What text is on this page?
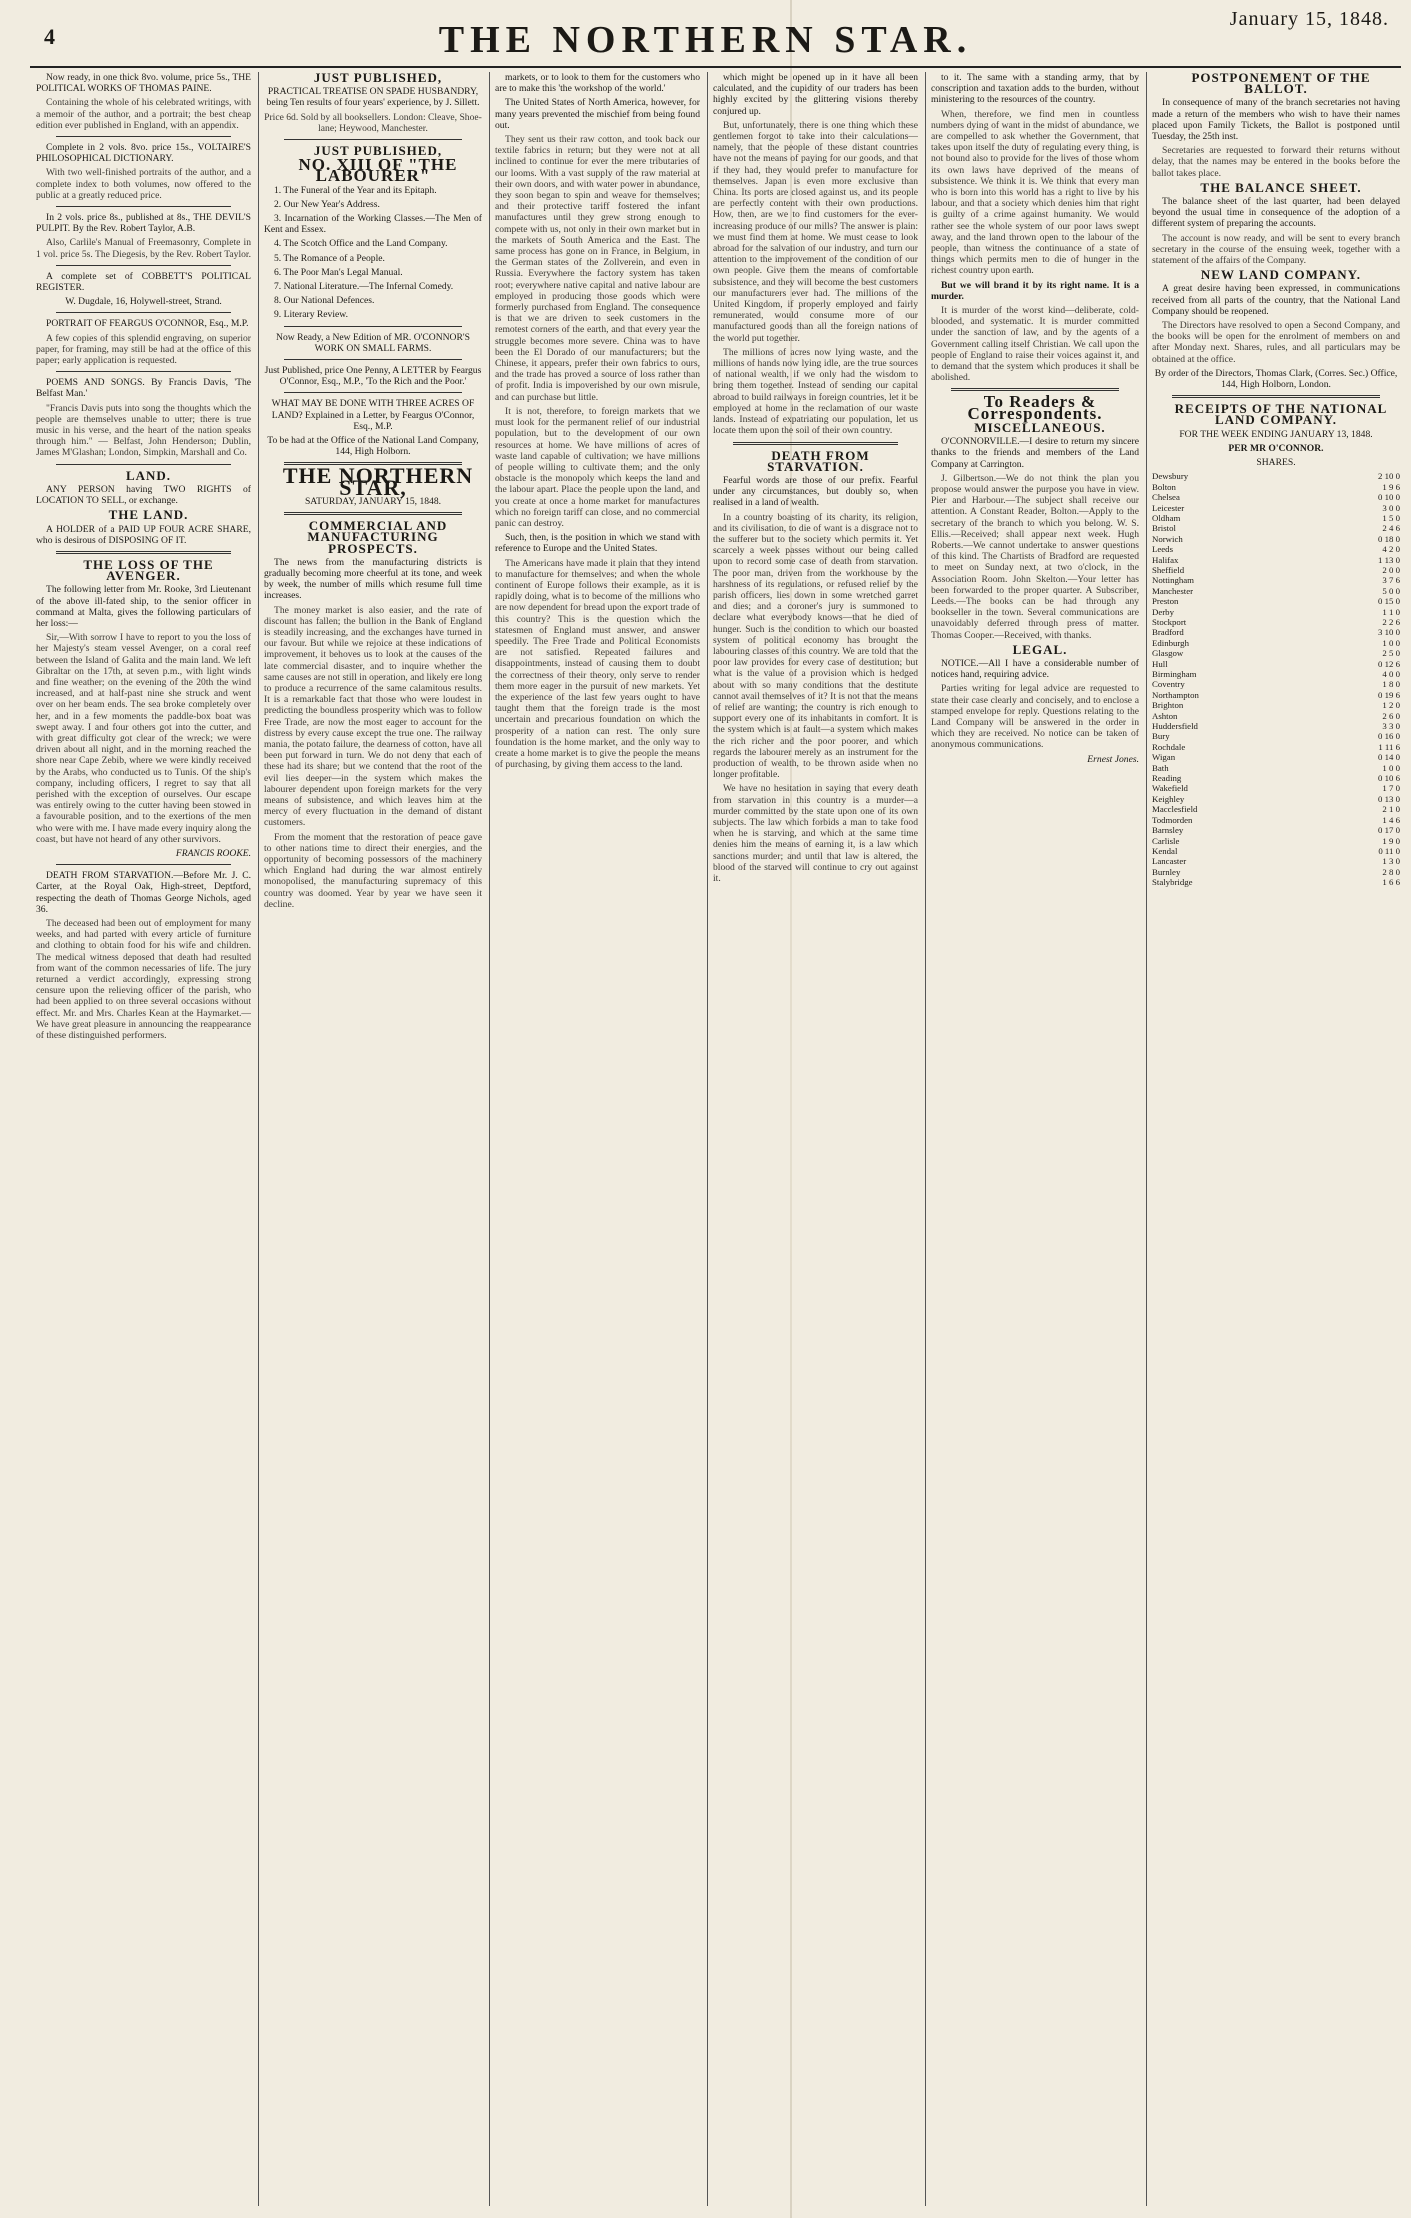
4	THE NORTHERN STAR.	January 15, 1848.

Now ready, in one thick 8vo. volume, price 5s., THE POLITICAL WORKS OF THOMAS PAINE.

Containing the whole of his celebrated writings, with a memoir of the author, and a portrait; the best cheap edition ever published in England, with an appendix.

Complete in 2 vols. 8vo. price 15s., VOLTAIRE'S PHILOSOPHICAL DICTIONARY.

With two well-finished portraits of the author, and a complete index to both volumes, now offered to the public at a greatly reduced price.

In 2 vols. price 8s., published at 8s., THE DEVIL'S PULPIT. By the Rev. Robert Taylor, A.B.

Also, Carlile's Manual of Freemasonry, Complete in 1 vol. price 5s. The Diegesis, by the Rev. Robert Taylor.

A complete set of COBBETT'S POLITICAL REGISTER.

W. Dugdale, 16, Holywell-street, Strand.

PORTRAIT OF FEARGUS O'CONNOR, Esq., M.P.

A few copies of this splendid engraving, on superior paper, for framing, may still be had at the office of this paper; early application is requested.

POEMS AND SONGS. By Francis Davis, 'The Belfast Man.'

"Francis Davis puts into song the thoughts which the people are themselves unable to utter; there is true music in his verse, and the heart of the nation speaks through him." — Belfast, John Henderson; Dublin, James M'Glashan; London, Simpkin, Marshall and Co.

LAND.

ANY PERSON having TWO RIGHTS of LOCATION TO SELL, or exchange.

THE LAND.

A HOLDER of a PAID UP FOUR ACRE SHARE, who is desirous of DISPOSING OF IT.

THE LOSS OF THE AVENGER.

The following letter from Mr. Rooke, 3rd Lieutenant of the above ill-fated ship, to the senior officer in command at Malta, gives the following particulars of her loss:—

Sir,—With sorrow I have to report to you the loss of her Majesty's steam vessel Avenger, on a coral reef between the Island of Galita and the main land. We left Gibraltar on the 17th, at seven p.m., with light winds and fine weather; on the evening of the 20th the wind increased, and at half-past nine she struck and went over on her beam ends. The sea broke completely over her, and in a few moments the paddle-box boat was swept away. I and four others got into the cutter, and with great difficulty got clear of the wreck; we were driven about all night, and in the morning reached the shore near Cape Zebib, where we were kindly received by the Arabs, who conducted us to Tunis. Of the ship's company, including officers, I regret to say that all perished with the exception of ourselves. Our escape was entirely owing to the cutter having been stowed in a favourable position, and to the exertions of the men who were with me. I have made every inquiry along the coast, but have not heard of any other survivors.

FRANCIS ROOKE.

DEATH FROM STARVATION.—Before Mr. J. C. Carter, at the Royal Oak, High-street, Deptford, respecting the death of Thomas George Nichols, aged 36.

The deceased had been out of employment for many weeks, and had parted with every article of furniture and clothing to obtain food for his wife and children. The medical witness deposed that death had resulted from want of the common necessaries of life. The jury returned a verdict accordingly, expressing strong censure upon the relieving officer of the parish, who had been applied to on three several occasions without effect. Mr. and Mrs. Charles Kean at the Haymarket.—We have great pleasure in announcing the reappearance of these distinguished performers.

JUST PUBLISHED,

PRACTICAL TREATISE ON SPADE HUSBANDRY, being Ten results of four years' experience, by J. Sillett.

Price 6d. Sold by all booksellers. London: Cleave, Shoe-lane; Heywood, Manchester.

JUST PUBLISHED,

NO. XIII OF "THE LABOURER"

1. The Funeral of the Year and its Epitaph.

2. Our New Year's Address.

3. Incarnation of the Working Classes.—The Men of Kent and Essex.

4. The Scotch Office and the Land Company.

5. The Romance of a People.

6. The Poor Man's Legal Manual.

7. National Literature.—The Infernal Comedy.

8. Our National Defences.

9. Literary Review.

Now Ready, a New Edition of MR. O'CONNOR'S WORK ON SMALL FARMS.

Just Published, price One Penny, A LETTER by Feargus O'Connor, Esq., M.P., 'To the Rich and the Poor.'

WHAT MAY BE DONE WITH THREE ACRES OF LAND? Explained in a Letter, by Feargus O'Connor, Esq., M.P.

To be had at the Office of the National Land Company, 144, High Holborn.

THE NORTHERN STAR,

SATURDAY, JANUARY 15, 1848.

COMMERCIAL AND MANUFACTURING PROSPECTS.

The news from the manufacturing districts is gradually becoming more cheerful at its tone, and week by week, the number of mills which resume full time increases.

The money market is also easier, and the rate of discount has fallen; the bullion in the Bank of England is steadily increasing, and the exchanges have turned in our favour. But while we rejoice at these indications of improvement, it behoves us to look at the causes of the late commercial disaster, and to inquire whether the same causes are not still in operation, and likely ere long to produce a recurrence of the same calamitous results. It is a remarkable fact that those who were loudest in predicting the boundless prosperity which was to follow Free Trade, are now the most eager to account for the distress by every cause except the true one. The railway mania, the potato failure, the dearness of cotton, have all been put forward in turn. We do not deny that each of these had its share; but we contend that the root of the evil lies deeper—in the system which makes the labourer dependent upon foreign markets for the very means of subsistence, and which leaves him at the mercy of every fluctuation in the demand of distant customers.

From the moment that the restoration of peace gave to other nations time to direct their energies, and the opportunity of becoming possessors of the machinery which England had during the war almost entirely monopolised, the manufacturing supremacy of this country was doomed. Year by year we have seen it decline.

markets, or to look to them for the customers who are to make this 'the workshop of the world.'

The United States of North America, however, for many years prevented the mischief from being found out.

They sent us their raw cotton, and took back our textile fabrics in return; but they were not at all inclined to continue for ever the mere tributaries of our looms. With a vast supply of the raw material at their own doors, and with water power in abundance, they soon began to spin and weave for themselves; and their protective tariff fostered the infant manufactures until they grew strong enough to compete with us, not only in their own market but in the markets of South America and the East. The same process has gone on in France, in Belgium, in the German states of the Zollverein, and even in Russia. Everywhere the factory system has taken root; everywhere native capital and native labour are employed in producing those goods which were formerly purchased from England. The consequence is that we are driven to seek customers in the remotest corners of the earth, and that every year the struggle becomes more severe. China was to have been the El Dorado of our manufacturers; but the Chinese, it appears, prefer their own fabrics to ours, and the trade has proved a source of loss rather than of profit. India is impoverished by our own misrule, and can purchase but little.

It is not, therefore, to foreign markets that we must look for the permanent relief of our industrial population, but to the development of our own resources at home. We have millions of acres of waste land capable of cultivation; we have millions of people willing to cultivate them; and the only obstacle is the monopoly which keeps the land and the labour apart. Place the people upon the land, and you create at once a home market for manufactures which no foreign tariff can close, and no commercial panic can destroy.

Such, then, is the position in which we stand with reference to Europe and the United States.

The Americans have made it plain that they intend to manufacture for themselves; and when the whole continent of Europe follows their example, as it is rapidly doing, what is to become of the millions who are now dependent for bread upon the export trade of this country? This is the question which the statesmen of England must answer, and answer speedily. The Free Trade and Political Economists are not satisfied. Repeated failures and disappointments, instead of causing them to doubt the correctness of their theory, only serve to render them more eager in the pursuit of new markets. Yet the experience of the last few years ought to have taught them that the foreign trade is the most uncertain and precarious foundation on which the prosperity of a nation can rest. The only sure foundation is the home market, and the only way to create a home market is to give the people the means of purchasing, by giving them access to the land.

which might be opened up in it have all been calculated, and the cupidity of our traders has been highly excited by the glittering visions thereby conjured up.

But, unfortunately, there is one thing which these gentlemen forgot to take into their calculations—namely, that the people of these distant countries have not the means of paying for our goods, and that if they had, they would prefer to manufacture for themselves. Japan is even more exclusive than China. Its ports are closed against us, and its people are perfectly content with their own productions. How, then, are we to find customers for the ever-increasing produce of our mills? The answer is plain: we must find them at home. We must cease to look abroad for the salvation of our industry, and turn our attention to the improvement of the condition of our own people. Give them the means of comfortable subsistence, and they will become the best customers our manufacturers ever had. The millions of the United Kingdom, if properly employed and fairly remunerated, would consume more of our manufactured goods than all the foreign nations of the world put together.

The millions of acres now lying waste, and the millions of hands now lying idle, are the true sources of national wealth, if we only had the wisdom to bring them together. Instead of sending our capital abroad to build railways in foreign countries, let it be employed at home in the reclamation of our waste lands. Instead of expatriating our population, let us locate them upon the soil of their own country.

DEATH FROM STARVATION.

Fearful words are those of our prefix. Fearful under any circumstances, but doubly so, when realised in a land of wealth.

In a country boasting of its charity, its religion, and its civilisation, to die of want is a disgrace not to the sufferer but to the society which permits it. Yet scarcely a week passes without our being called upon to record some case of death from starvation. The poor man, driven from the workhouse by the harshness of its regulations, or refused relief by the parish officers, lies down in some wretched garret and dies; and a coroner's jury is summoned to declare what everybody knows—that he died of hunger. Such is the condition to which our boasted system of political economy has brought the labouring classes of this country. We are told that the poor law provides for every case of destitution; but what is the value of a provision which is hedged about with so many conditions that the destitute cannot avail themselves of it? It is not that the means of relief are wanting; the country is rich enough to support every one of its inhabitants in comfort. It is the system which is at fault—a system which makes the rich richer and the poor poorer, and which regards the labourer merely as an instrument for the production of wealth, to be thrown aside when no longer profitable.

We have no hesitation in saying that every death from starvation in this country is a murder—a murder committed by the state upon one of its own subjects. The law which forbids a man to take food when he is starving, and which at the same time denies him the means of earning it, is a law which sanctions murder; and until that law is altered, the blood of the starved will continue to cry out against it.

to it. The same with a standing army, that by conscription and taxation adds to the burden, without ministering to the resources of the country.

When, therefore, we find men in countless numbers dying of want in the midst of abundance, we are compelled to ask whether the Government, that takes upon itself the duty of regulating every thing, is not bound also to provide for the lives of those whom its own laws have deprived of the means of subsistence. We think it is. We think that every man who is born into this world has a right to live by his labour, and that a society which denies him that right is guilty of a crime against humanity. We would rather see the whole system of our poor laws swept away, and the land thrown open to the labour of the people, than witness the continuance of a state of things which permits men to die of hunger in the richest country upon earth.

But we will brand it by its right name. It is a murder.

It is murder of the worst kind—deliberate, cold-blooded, and systematic. It is murder committed under the sanction of law, and by the agents of a Government calling itself Christian. We call upon the people of England to raise their voices against it, and to demand that the system which produces it shall be abolished.

To Readers & Correspondents.

MISCELLANEOUS.

O'CONNORVILLE.—I desire to return my sincere thanks to the friends and members of the Land Company at Carrington.

J. Gilbertson.—We do not think the plan you propose would answer the purpose you have in view. Pier and Harbour.—The subject shall receive our attention. A Constant Reader, Bolton.—Apply to the secretary of the branch to which you belong. W. S. Ellis.—Received; shall appear next week. Hugh Roberts.—We cannot undertake to answer questions of this kind. The Chartists of Bradford are requested to meet on Sunday next, at two o'clock, in the Association Room. John Skelton.—Your letter has been forwarded to the proper quarter. A Subscriber, Leeds.—The books can be had through any bookseller in the town. Several communications are unavoidably deferred through press of matter. Thomas Cooper.—Received, with thanks.

LEGAL.

NOTICE.—All I have a considerable number of notices hand, requiring advice.

Parties writing for legal advice are requested to state their case clearly and concisely, and to enclose a stamped envelope for reply. Questions relating to the Land Company will be answered in the order in which they are received. No notice can be taken of anonymous communications.

Ernest Jones.

POSTPONEMENT OF THE BALLOT.

In consequence of many of the branch secretaries not having made a return of the members who wish to have their names placed upon Family Tickets, the Ballot is postponed until Tuesday, the 25th inst.

Secretaries are requested to forward their returns without delay, that the names may be entered in the books before the ballot takes place.

THE BALANCE SHEET.

The balance sheet of the last quarter, had been delayed beyond the usual time in consequence of the adoption of a different system of preparing the accounts.

The account is now ready, and will be sent to every branch secretary in the course of the ensuing week, together with a statement of the affairs of the Company.

NEW LAND COMPANY.

A great desire having been expressed, in communications received from all parts of the country, that the National Land Company should be reopened.

The Directors have resolved to open a Second Company, and the books will be open for the enrolment of members on and after Monday next. Shares, rules, and all particulars may be obtained at the office.

By order of the Directors, Thomas Clark, (Corres. Sec.) Office, 144, High Holborn, London.

RECEIPTS OF THE NATIONAL LAND COMPANY.

FOR THE WEEK ENDING JANUARY 13, 1848.

PER MR O'CONNOR.

SHARES.

Dewsbury	2 10 0
Bolton	1 9 6
Chelsea	0 10 0
Leicester	3 0 0
Oldham	1 5 0
Bristol	2 4 6
Norwich	0 18 0
Leeds	4 2 0
Halifax	1 13 0
Sheffield	2 0 0
Nottingham	3 7 6
Manchester	5 0 0
Preston	0 15 0
Derby	1 1 0
Stockport	2 2 6
Bradford	3 10 0
Edinburgh	1 0 0
Glasgow	2 5 0
Hull	0 12 6
Birmingham	4 0 0
Coventry	1 8 0
Northampton	0 19 6
Brighton	1 2 0
Ashton	2 6 0
Huddersfield	3 3 0
Bury	0 16 0
Rochdale	1 11 6
Wigan	0 14 0
Bath	1 0 0
Reading	0 10 6
Wakefield	1 7 0
Keighley	0 13 0
Macclesfield	2 1 0
Todmorden	1 4 6
Barnsley	0 17 0
Carlisle	1 9 0
Kendal	0 11 0
Lancaster	1 3 0
Burnley	2 8 0
Stalybridge	1 6 6
